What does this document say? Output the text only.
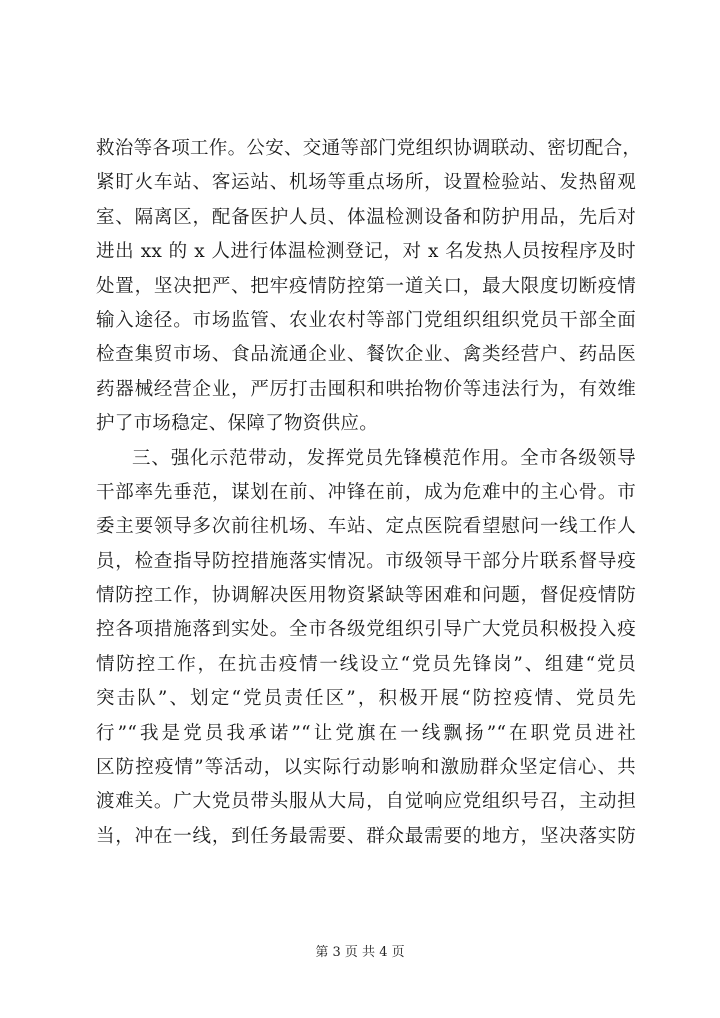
救治等各项工作。公安、交通等部门党组织协调联动、密切配合，
紧盯火车站、客运站、机场等重点场所，设置检验站、发热留观
室、隔离区，配备医护人员、体温检测设备和防护用品，先后对
进出 xx 的 x 人进行体温检测登记，对 x 名发热人员按程序及时
处置，坚决把严、把牢疫情防控第一道关口，最大限度切断疫情
输入途径。市场监管、农业农村等部门党组织组织党员干部全面
检查集贸市场、食品流通企业、餐饮企业、禽类经营户、药品医
药器械经营企业，严厉打击囤积和哄抬物价等违法行为，有效维
护了市场稳定、保障了物资供应。
三、强化示范带动，发挥党员先锋模范作用。全市各级领导
干部率先垂范，谋划在前、冲锋在前，成为危难中的主心骨。市
委主要领导多次前往机场、车站、定点医院看望慰问一线工作人
员，检查指导防控措施落实情况。市级领导干部分片联系督导疫
情防控工作，协调解决医用物资紧缺等困难和问题，督促疫情防
控各项措施落到实处。全市各级党组织引导广大党员积极投入疫
情防控工作，在抗击疫情一线设立“党员先锋岗”、组建“党员
突击队”、划定“党员责任区”，积极开展“防控疫情、党员先
行”“我是党员我承诺”“让党旗在一线飘扬”“在职党员进社
区防控疫情”等活动，以实际行动影响和激励群众坚定信心、共
渡难关。广大党员带头服从大局，自觉响应党组织号召，主动担
当，冲在一线，到任务最需要、群众最需要的地方，坚决落实防
第 3 页 共 4 页
